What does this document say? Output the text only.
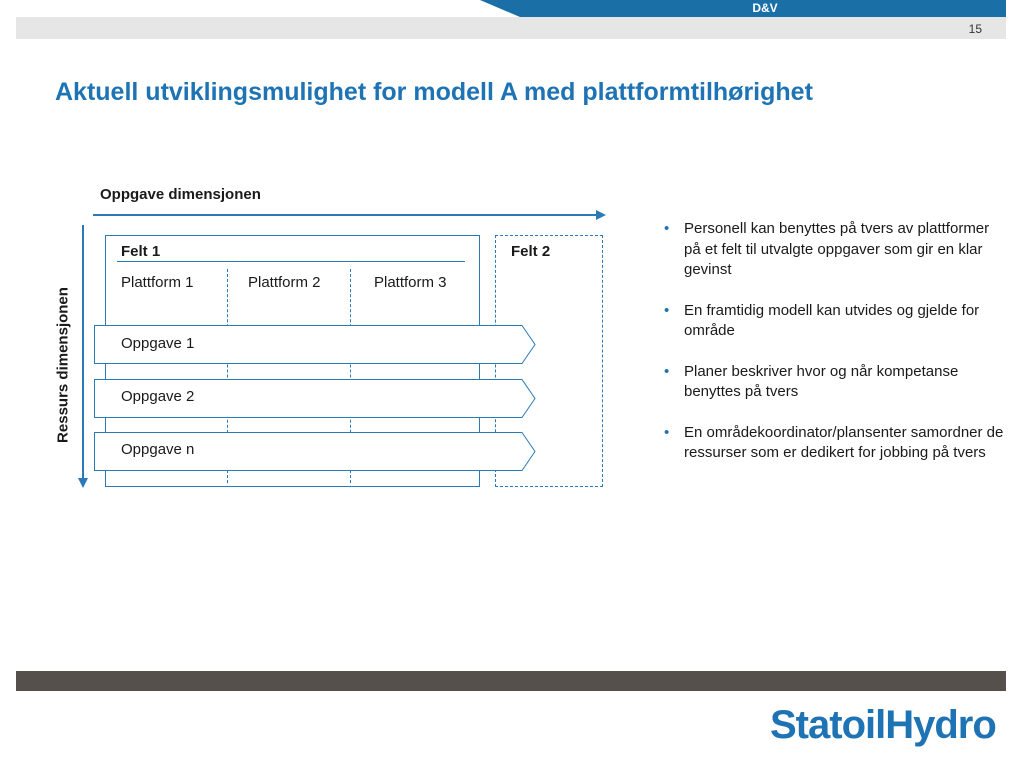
D&V
15
Aktuell utviklingsmulighet for modell A med plattformtilhørighet
Oppgave dimensjonen
Ressurs dimensjonen
Felt 1	Felt 2
Plattform 1	Plattform 2	Plattform 3
Oppgave 1
Oppgave 2
Oppgave n
• Personell kan benyttes på tvers av plattformer på et felt til utvalgte oppgaver som gir en klar gevinst
• En framtidig modell kan utvides og gjelde for område
• Planer beskriver hvor og når kompetanse benyttes på tvers
• En områdekoordinator/plansenter samordner de ressurser som er dedikert for jobbing på tvers
StatoilHydro
